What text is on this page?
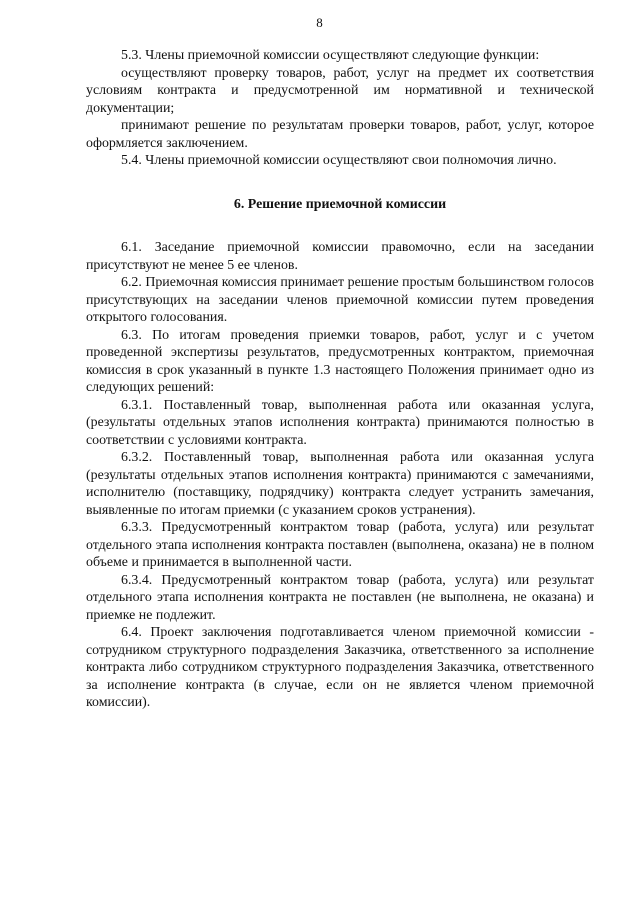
8

5.3. Члены приемочной комиссии осуществляют следующие функции:

осуществляют проверку товаров, работ, услуг на предмет их соответствия условиям контракта и предусмотренной им нормативной и технической документации;

принимают решение по результатам проверки товаров, работ, услуг, которое оформляется заключением.

5.4. Члены приемочной комиссии осуществляют свои полномочия лично.

6. Решение приемочной комиссии

6.1. Заседание приемочной комиссии правомочно, если на заседании присутствуют не менее 5 ее членов.

6.2. Приемочная комиссия принимает решение простым большинством голосов присутствующих на заседании членов приемочной комиссии путем проведения открытого голосования.

6.3. По итогам проведения приемки товаров, работ, услуг и с учетом проведенной экспертизы результатов, предусмотренных контрактом, приемочная комиссия в срок указанный в пункте 1.3 настоящего Положения принимает одно из следующих решений:

6.3.1. Поставленный товар, выполненная работа или оказанная услуга, (результаты отдельных этапов исполнения контракта) принимаются полностью в соответствии с условиями контракта.

6.3.2. Поставленный товар, выполненная работа или оказанная услуга (результаты отдельных этапов исполнения контракта) принимаются с замечаниями, исполнителю (поставщику, подрядчику) контракта следует устранить замечания, выявленные по итогам приемки (с указанием сроков устранения).

6.3.3. Предусмотренный контрактом товар (работа, услуга) или результат отдельного этапа исполнения контракта поставлен (выполнена, оказана) не в полном объеме и принимается в выполненной части.

6.3.4. Предусмотренный контрактом товар (работа, услуга) или результат отдельного этапа исполнения контракта не поставлен (не выполнена, не оказана) и приемке не подлежит.

6.4. Проект заключения подготавливается членом приемочной комиссии - сотрудником структурного подразделения Заказчика, ответственного за исполнение контракта либо сотрудником структурного подразделения Заказчика, ответственного за исполнение контракта (в случае, если он не является членом приемочной комиссии).
